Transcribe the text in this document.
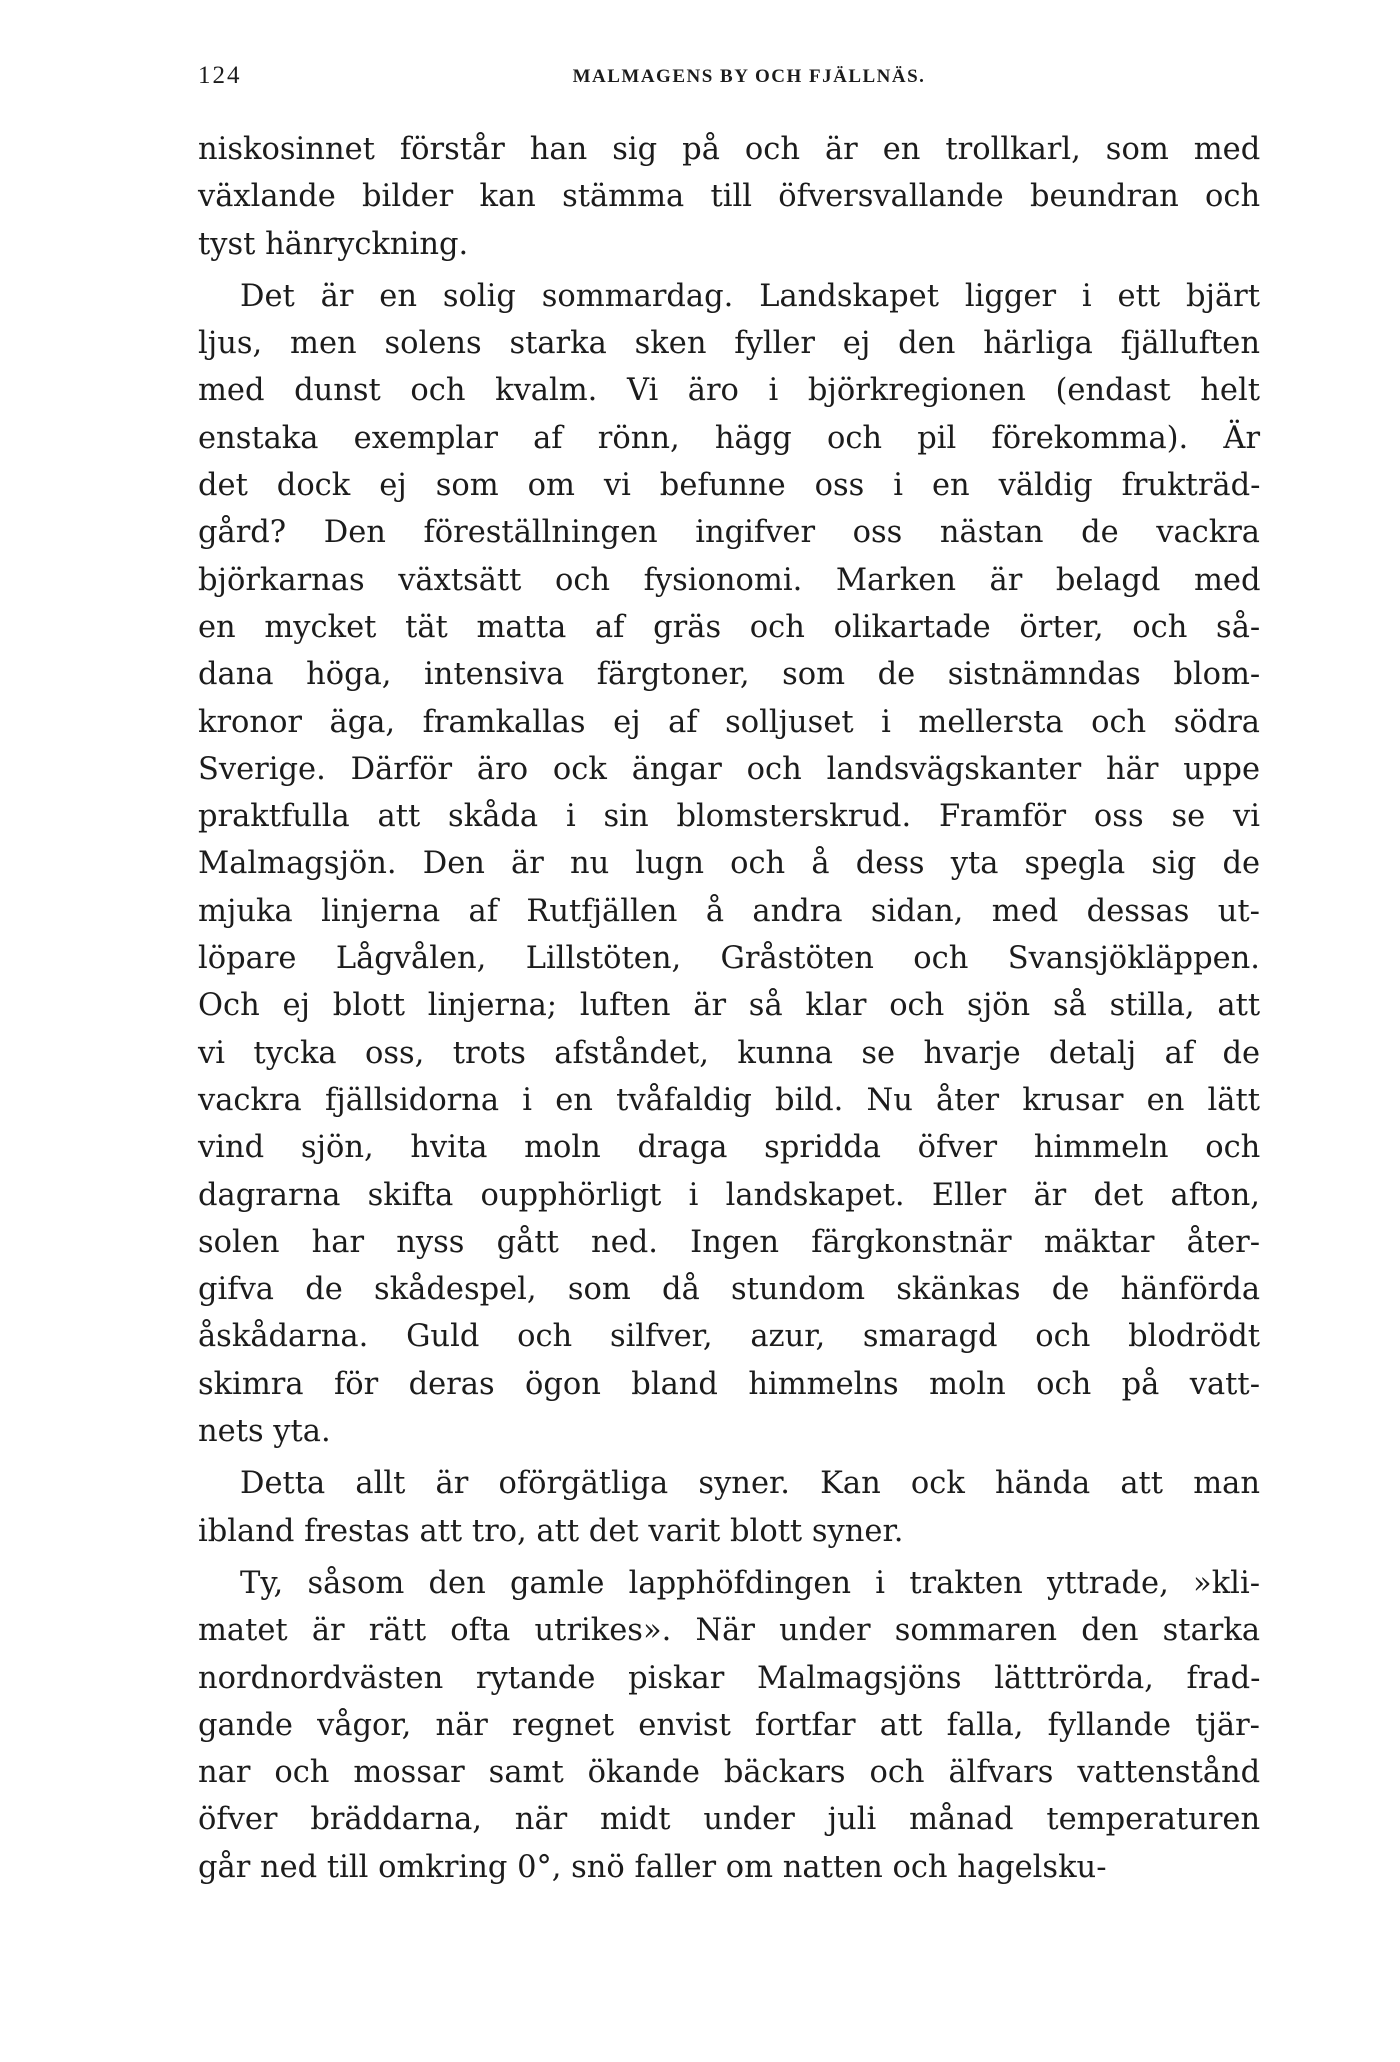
124	MALMAGENS BY OCH FJÄLLNÄS.

niskosinnet förstår han sig på och är en trollkarl, som med
växlande bilder kan stämma till öfversvallande beundran och
tyst hänryckning.

Det är en solig sommardag. Landskapet ligger i ett bjärt
ljus, men solens starka sken fyller ej den härliga fjälluften
med dunst och kvalm. Vi äro i björkregionen (endast helt
enstaka exemplar af rönn, hägg och pil förekomma). Är
det dock ej som om vi befunne oss i en väldig frukträd-
gård? Den föreställningen ingifver oss nästan de vackra
björkarnas växtsätt och fysionomi. Marken är belagd med
en mycket tät matta af gräs och olikartade örter, och så-
dana höga, intensiva färgtoner, som de sistnämndas blom-
kronor äga, framkallas ej af solljuset i mellersta och södra
Sverige. Därför äro ock ängar och landsvägskanter här uppe
praktfulla att skåda i sin blomsterskrud. Framför oss se vi
Malmagsjön. Den är nu lugn och å dess yta spegla sig de
mjuka linjerna af Rutfjällen å andra sidan, med dessas ut-
löpare Lågvålen, Lillstöten, Gråstöten och Svansjökläppen.
Och ej blott linjerna; luften är så klar och sjön så stilla, att
vi tycka oss, trots afståndet, kunna se hvarje detalj af de
vackra fjällsidorna i en tvåfaldig bild. Nu åter krusar en lätt
vind sjön, hvita moln draga spridda öfver himmeln och
dagrarna skifta oupphörligt i landskapet. Eller är det afton,
solen har nyss gått ned. Ingen färgkonstnär mäktar åter-
gifva de skådespel, som då stundom skänkas de hänförda
åskådarna. Guld och silfver, azur, smaragd och blodrödt
skimra för deras ögon bland himmelns moln och på vatt-
nets yta.

Detta allt är oförgätliga syner. Kan ock hända att man
ibland frestas att tro, att det varit blott syner.

Ty, såsom den gamle lapphöfdingen i trakten yttrade, »kli-
matet är rätt ofta utrikes». När under sommaren den starka
nordnordvästen rytande piskar Malmagsjöns lätttrörda, frad-
gande vågor, när regnet envist fortfar att falla, fyllande tjär-
nar och mossar samt ökande bäckars och älfvars vattenstånd
öfver bräddarna, när midt under juli månad temperaturen
går ned till omkring 0°, snö faller om natten och hagelsku-
